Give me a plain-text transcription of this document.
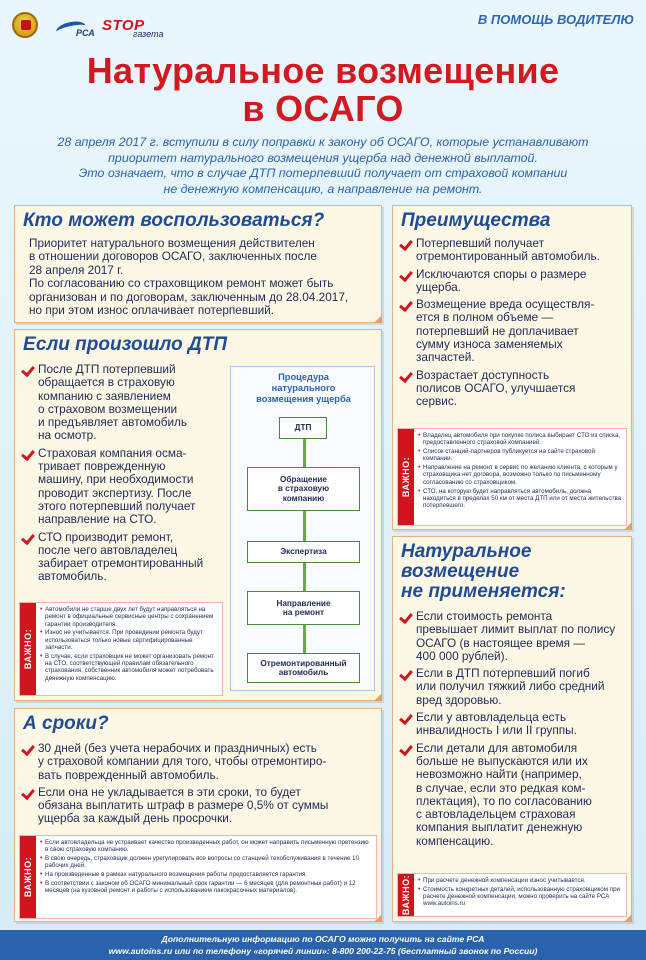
РСА STOP
газета
В ПОМОЩЬ ВОДИТЕЛЮ
Натуральное возмещение
в ОСАГО
28 апреля 2017 г. вступили в силу поправки к закону об ОСАГО, которые устанавливают
приоритет натурального возмещения ущерба над денежной выплатой.
Это означает, что в случае ДТП потерпевший получает от страховой компании
не денежную компенсацию, а направление на ремонт.
Кто может воспользоваться?
Приоритет натурального возмещения действителен
в отношении договоров ОСАГО, заключенных после
28 апреля 2017 г.
По согласованию со страховщиком ремонт может быть
организован и по договорам, заключенным до 28.04.2017,
но при этом износ оплачивает потерпевший.
Преимущества
Потерпевший получает
отремонтированный автомобиль.
Исключаются споры о размере
ущерба.
Возмещение вреда осуществля-
ется в полном объеме —
потерпевший не доплачивает
сумму износа заменяемых
запчастей.
Возрастает доступность
полисов ОСАГО, улучшается
сервис.
ВАЖНО:
• Владелец автомобиля при покупке полиса выбирает СТО из списка, предоставленного страховой компанией.
• Список станций-партнеров публикуется на сайте страховой компании.
• Направление на ремонт в сервис по желанию клиента, с которым у страховщика нет договора, возможно только по письменному согласованию со страховщиком.
• СТО, на которую будет направляться автомобиль, должна находиться в пределах 50 км от места ДТП или от места жительства потерпевшего.
Если произошло ДТП
После ДТП потерпевший
обращается в страховую
компанию с заявлением
о страховом возмещении
и предъявляет автомобиль
на осмотр.
Страховая компания осма-
тривает поврежденную
машину, при необходимости
проводит экспертизу. После
этого потерпевший получает
направление на СТО.
СТО производит ремонт,
после чего автовладелец
забирает отремонтированный
автомобиль.
ВАЖНО:
• Автомобили не старше двух лет будут направляться на ремонт в официальные сервисные центры с сохранением гарантии производителя.
• Износ не учитывается. При проведении ремонта будут использоваться только новые сертифицированные запчасти.
• В случае, если страховщик не может организовать ремонт на СТО, соответствующей правилам обязательного страхования, собственник автомобиля может потребовать денежную компенсацию.
Процедура
натурального
возмещения ущерба
ДТП
Обращение
в страховую
компанию
Экспертиза
Направление
на ремонт
Отремонтированный
автомобиль
А сроки?
30 дней (без учета нерабочих и праздничных) есть
у страховой компании для того, чтобы отремонтиро-
вать поврежденный автомобиль.
Если она не укладывается в эти сроки, то будет
обязана выплатить штраф в размере 0,5% от суммы
ущерба за каждый день просрочки.
ВАЖНО:
• Если автовладельца не устраивает качество произведенных работ, он может направить письменную претензию в свою страховую компанию.
• В свою очередь, страховщик должен урегулировать все вопросы со станцией техобслуживания в течение 10 рабочих дней.
• На произведенные в рамках натурального возмещения работы предоставляется гарантия.
• В соответствии с законом об ОСАГО минимальный срок гарантии — 6 месяцев (для ремонтных работ) и 12 месяцев (на кузовной ремонт и работы с использованием лакокрасочных материалов).
Натуральное
возмещение
не применяется:
Если стоимость ремонта
превышает лимит выплат по полису
ОСАГО (в настоящее время —
400 000 рублей).
Если в ДТП потерпевший погиб
или получил тяжкий либо средний
вред здоровью.
Если у автовладельца есть
инвалидность I или II группы.
Если детали для автомобиля
больше не выпускаются или их
невозможно найти (например,
в случае, если это редкая ком-
плектация), то по согласованию
с автовладельцем страховая
компания выплатит денежную
компенсацию.
ВАЖНО:
•	При расчете денежной компенсации износ учитывается.
• Стоимость конкретных деталей, использованную страховщиком при расчете денежной компенсации, можно проверить на сайте РСА www.autoins.ru
Дополнительную информацию по ОСАГО можно получить на сайте РСА
www.autoins.ru или по телефону «горячей линии»: 8-800 200-22-75 (бесплатный звонок по России)
